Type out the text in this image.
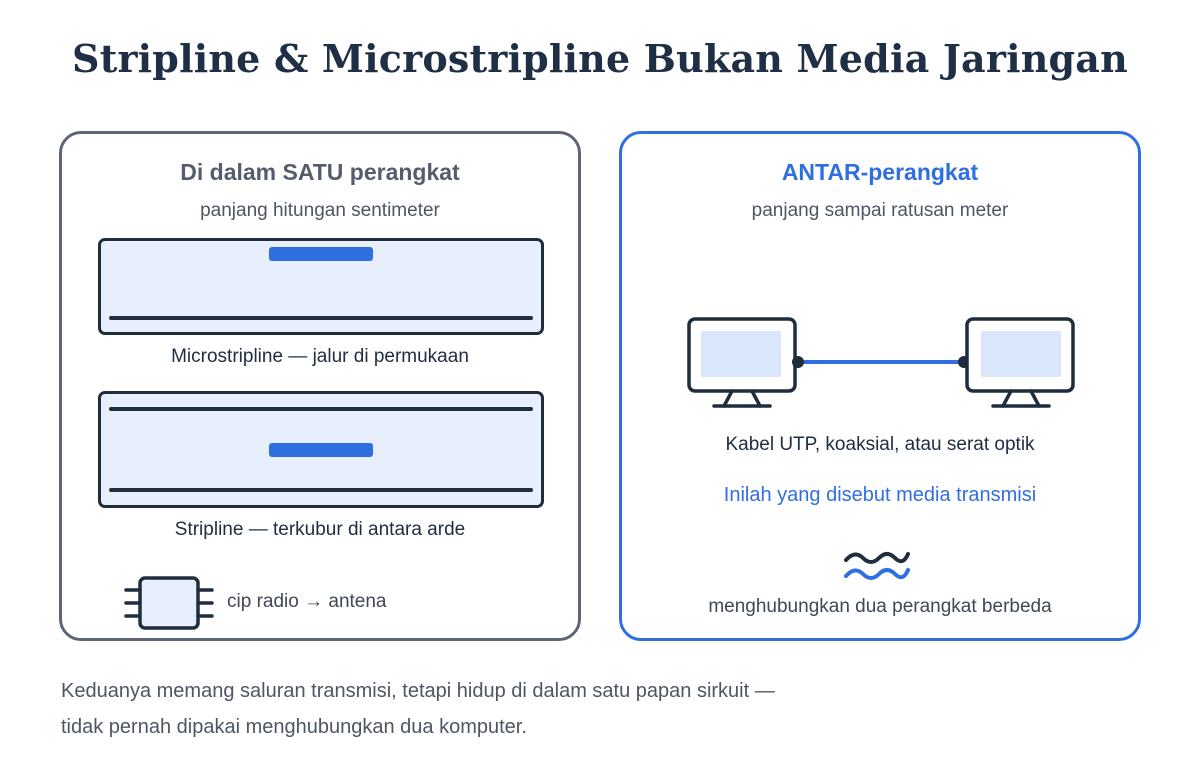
Stripline & Microstripline Bukan Media Jaringan
Di dalam SATU perangkat
panjang hitungan sentimeter
Microstripline — jalur di permukaan
Stripline — terkubur di antara arde
cip radio → antena
ANTAR-perangkat
panjang sampai ratusan meter
Kabel UTP, koaksial, atau serat optik
Inilah yang disebut media transmisi
menghubungkan dua perangkat berbeda
Keduanya memang saluran transmisi, tetapi hidup di dalam satu papan sirkuit —
tidak pernah dipakai menghubungkan dua komputer.
